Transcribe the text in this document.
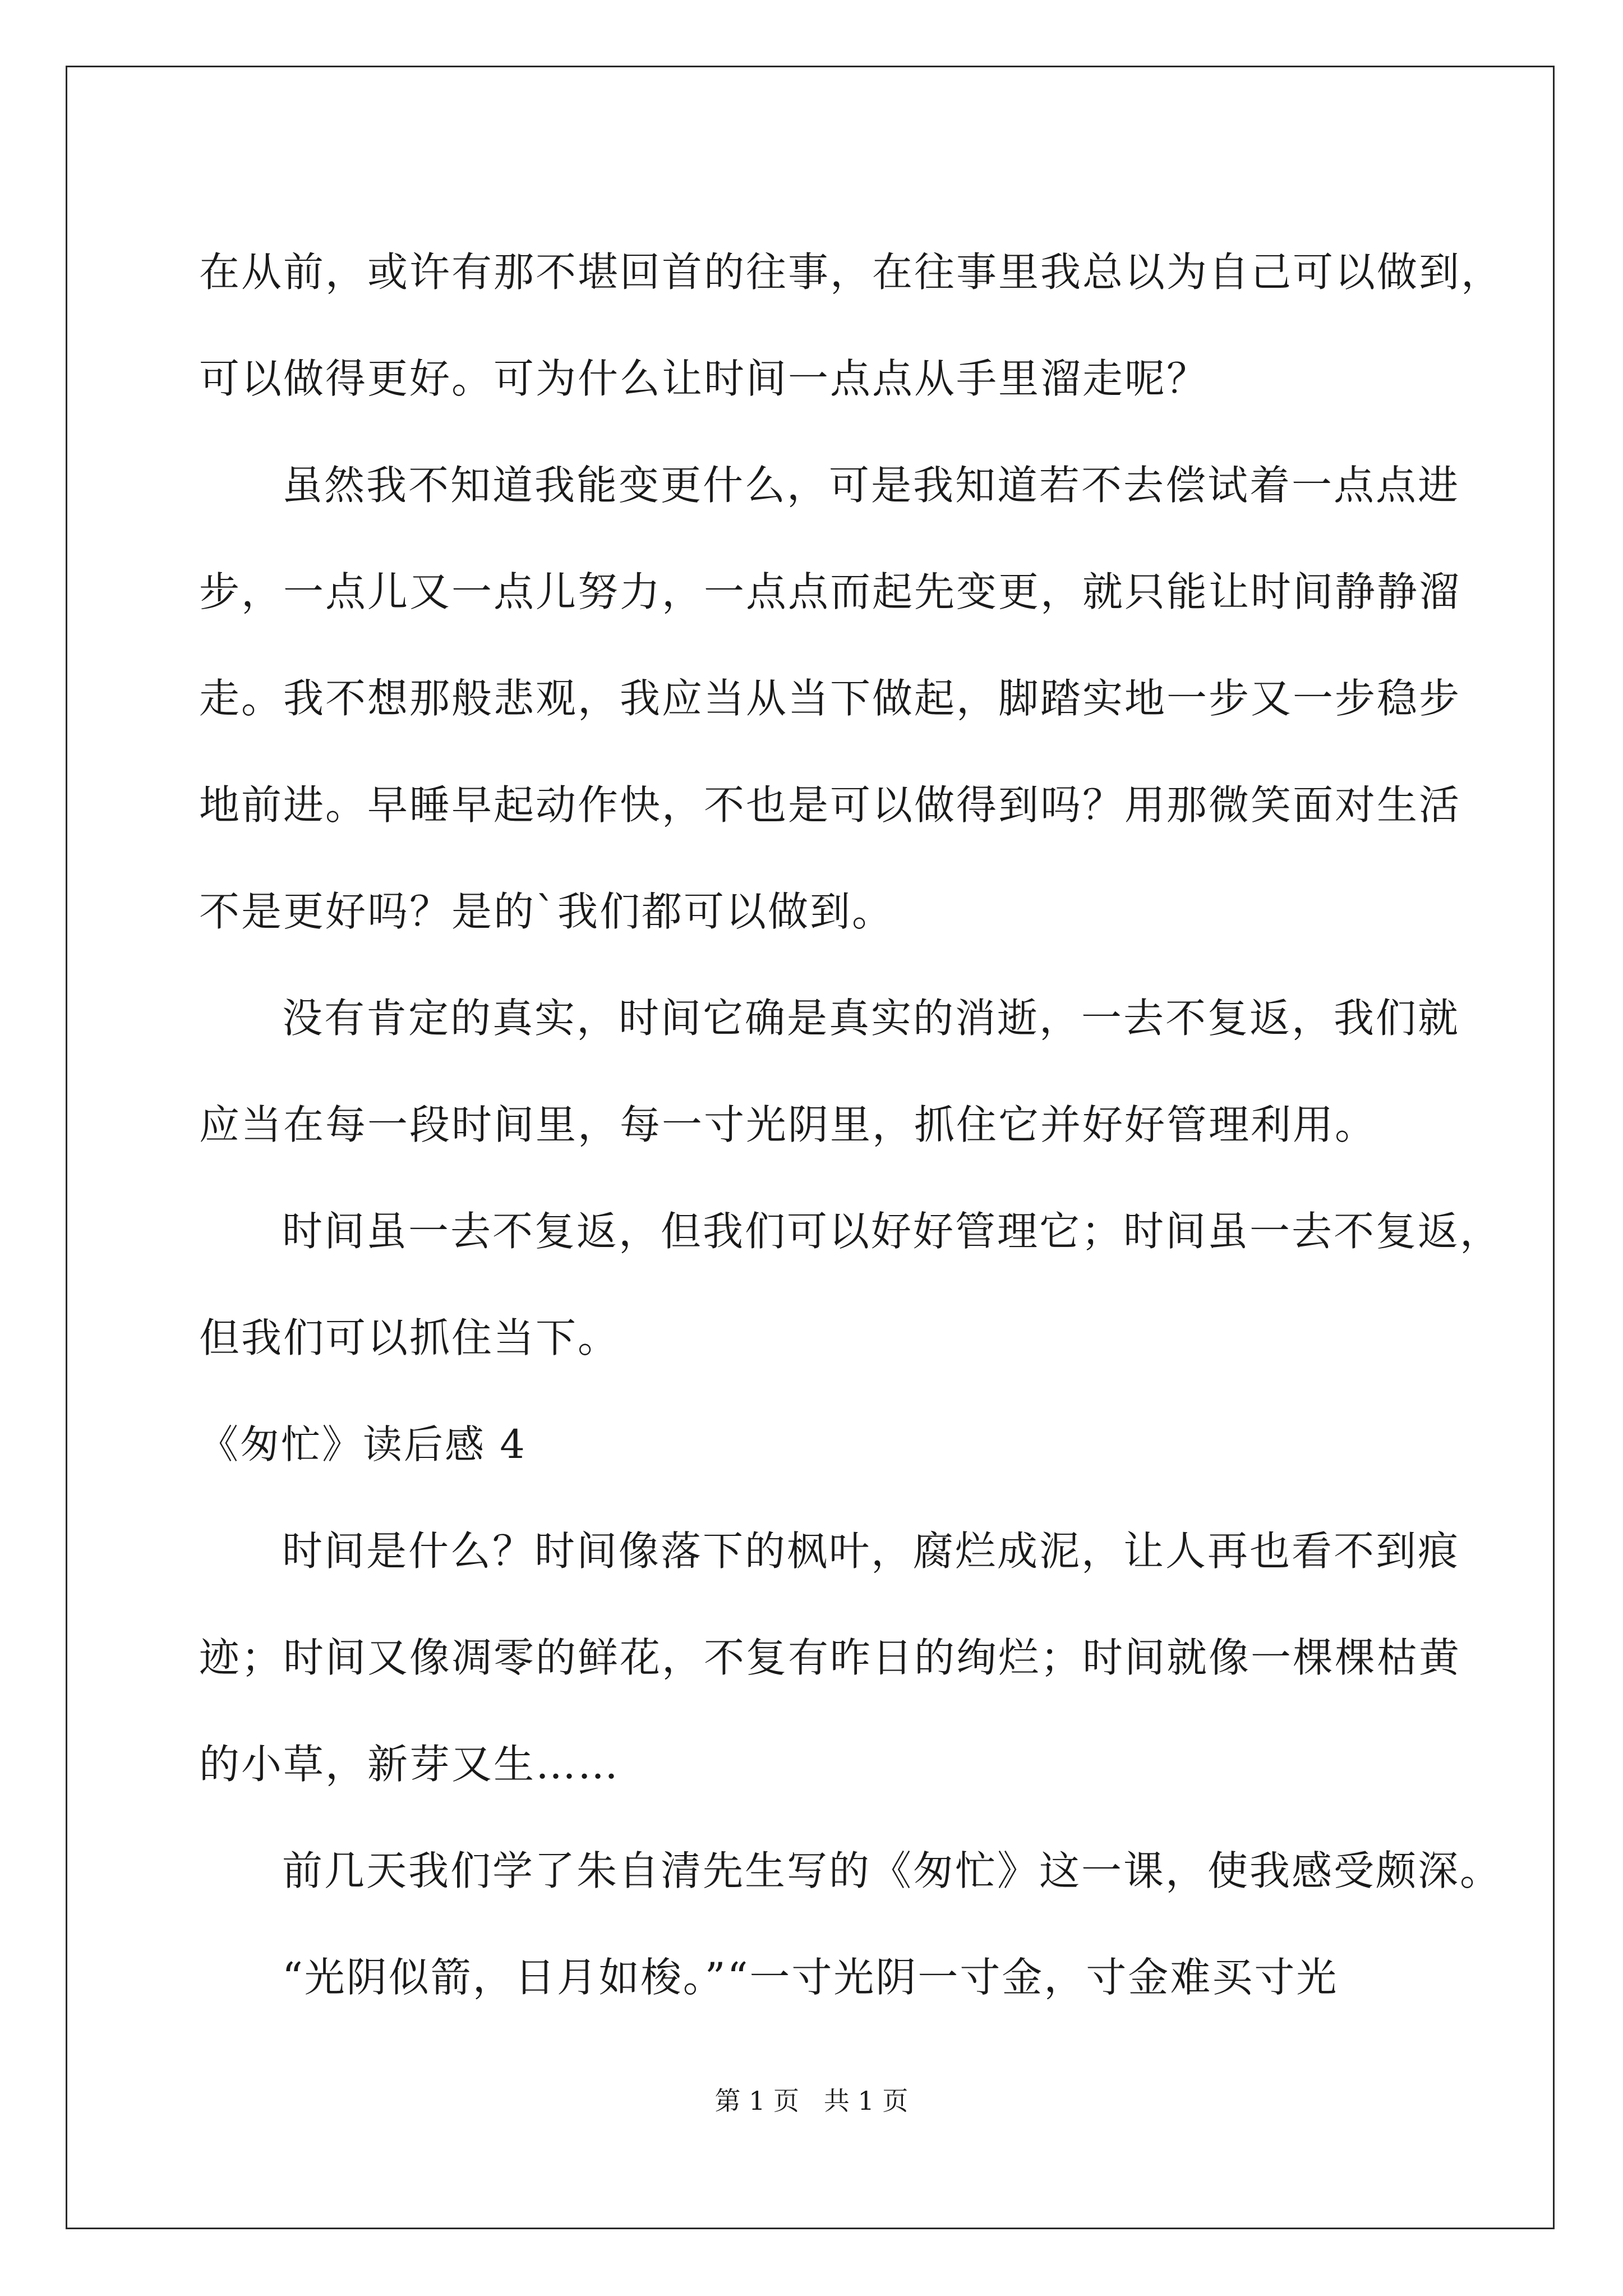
在从前，或许有那不堪回首的往事，在往事里我总以为自己可以做到，
可以做得更好。可为什么让时间一点点从手里溜走呢？
虽然我不知道我能变更什么，可是我知道若不去偿试着一点点进
步，一点儿又一点儿努力，一点点而起先变更，就只能让时间静静溜
走。我不想那般悲观，我应当从当下做起，脚踏实地一步又一步稳步
地前进。早睡早起动作快，不也是可以做得到吗？用那微笑面对生活
不是更好吗？是的`我们都可以做到。
没有肯定的真实，时间它确是真实的消逝，一去不复返，我们就
应当在每一段时间里，每一寸光阴里，抓住它并好好管理利用。
时间虽一去不复返，但我们可以好好管理它；时间虽一去不复返，
但我们可以抓住当下。
《匆忙》读后感 4
时间是什么？时间像落下的枫叶，腐烂成泥，让人再也看不到痕
迹；时间又像凋零的鲜花，不复有昨日的绚烂；时间就像一棵棵枯黄
的小草，新芽又生……
前几天我们学了朱自清先生写的《匆忙》这一课，使我感受颇深。
“光阴似箭，日月如梭。”“一寸光阴一寸金，寸金难买寸光
第 1 页   共 1 页
